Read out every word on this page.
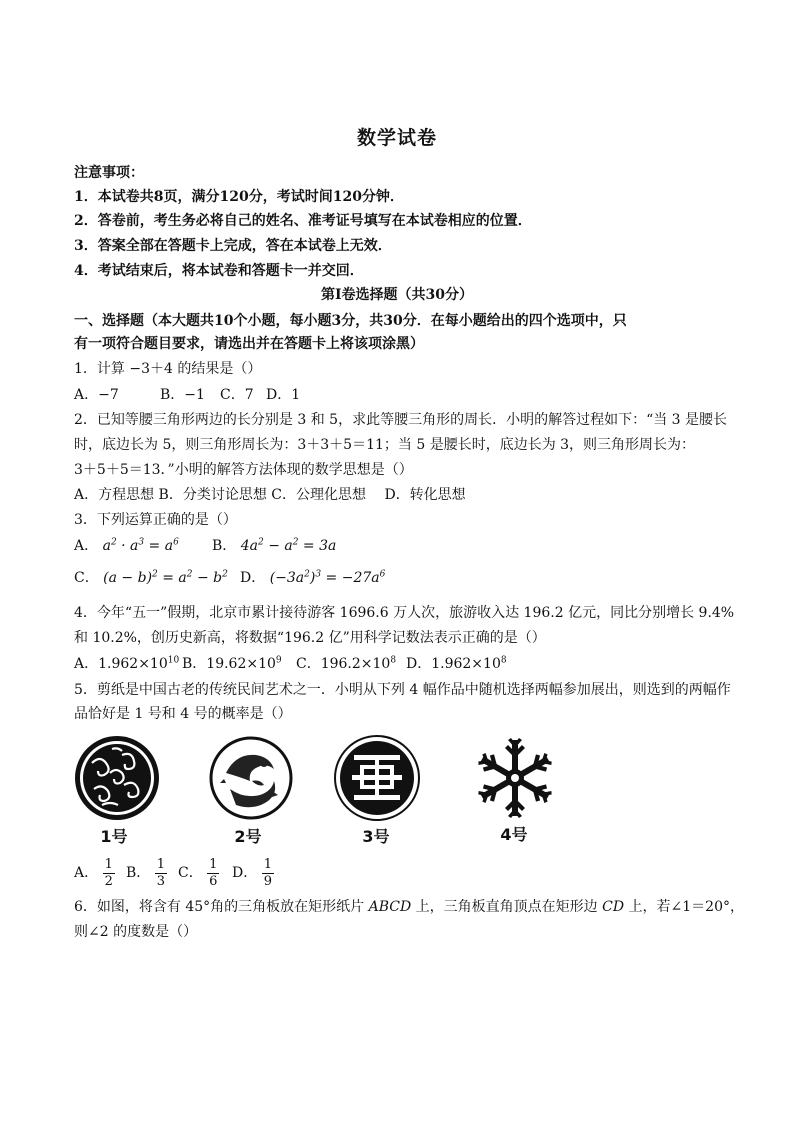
数学试卷
注意事项：
1．本试卷共8页，满分120分，考试时间120分钟．
2．答卷前，考生务必将自己的姓名、准考证号填写在本试卷相应的位置．
3．答案全部在答题卡上完成，答在本试卷上无效．
4．考试结束后，将本试卷和答题卡一并交回．
第Ⅰ卷选择题（共30分）
一、选择题（本大题共10个小题，每小题3分，共30分．在每小题给出的四个选项中，只
有一项符合题目要求，请选出并在答题卡上将该项涂黑）
1．计算 −3＋4 的结果是（）
A．−7	B．−1 C．7 D．1
2．已知等腰三角形两边的长分别是 3 和 5，求此等腰三角形的周长．小明的解答过程如下：“当 3 是腰长
时，底边长为 5，则三角形周长为：3＋3＋5＝11；当 5 是腰长时，底边长为 3，则三角形周长为：
3＋5＋5＝13．”小明的解答方法体现的数学思想是（）
A．方程思想 B．分类讨论思想 C．公理化思想　 D．转化思想
3．下列运算正确的是（）
A． $a^2 \cdot a^3 = a^6$ B． $4a^2 - a^2 = 3a$
C． $(a - b)^2 = a^2 - b^2$ D． $(-3a^2)^3 = -27a^6$
4．今年“五一”假期，北京市累计接待游客 1696.6 万人次，旅游收入达 196.2 亿元，同比分别增长 9.4%
和 10.2%，创历史新高，将数据“196.2 亿”用科学记数法表示正确的是（）
A．$1.962\times 10^{10}$ B．$19.62\times 10^9$ C．$196.2\times 10^8$ D．$1.962\times 10^8$
5．剪纸是中国古老的传统民间艺术之一．小明从下列 4 幅作品中随机选择两幅参加展出，则选到的两幅作
品恰好是 1 号和 4 号的概率是（）
1号	2号	3号	4号
A． $\frac{1}{2}$ B． $\frac{1}{3}$ C． $\frac{1}{6}$ D． $\frac{1}{9}$
6．如图，将含有 45°角的三角板放在矩形纸片 ABCD 上，三角板直角顶点在矩形边 CD 上，若∠1＝20°，
则∠2 的度数是（）
